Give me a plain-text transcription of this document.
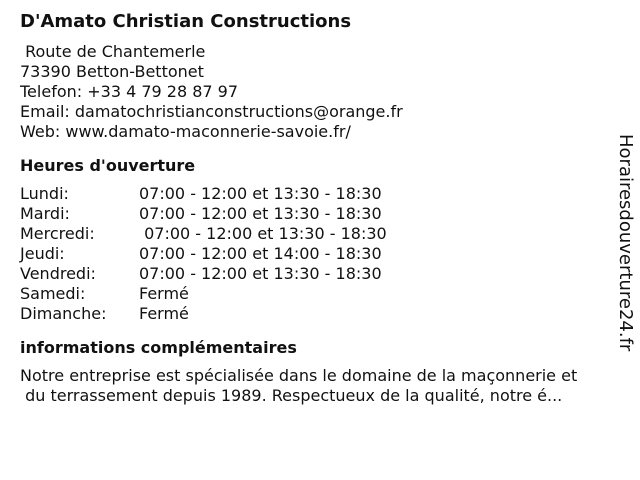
D'Amato Christian Constructions
Route de Chantemerle
73390 Betton-Bettonet
Telefon: +33 4 79 28 87 97
Email: damatochristianconstructions@orange.fr
Web: www.damato-maconnerie-savoie.fr/
Heures d'ouverture
Lundi:	07:00 - 12:00 et 13:30 - 18:30
Mardi:	07:00 - 12:00 et 13:30 - 18:30
Mercredi:	07:00 - 12:00 et 13:30 - 18:30
Jeudi:	07:00 - 12:00 et 14:00 - 18:30
Vendredi:	07:00 - 12:00 et 13:30 - 18:30
Samedi:	Fermé
Dimanche:	Fermé
informations complémentaires
Notre entreprise est spécialisée dans le domaine de la maçonnerie et
du terrassement depuis 1989. Respectueux de la qualité, notre é...
Horairesdouverture24.fr
